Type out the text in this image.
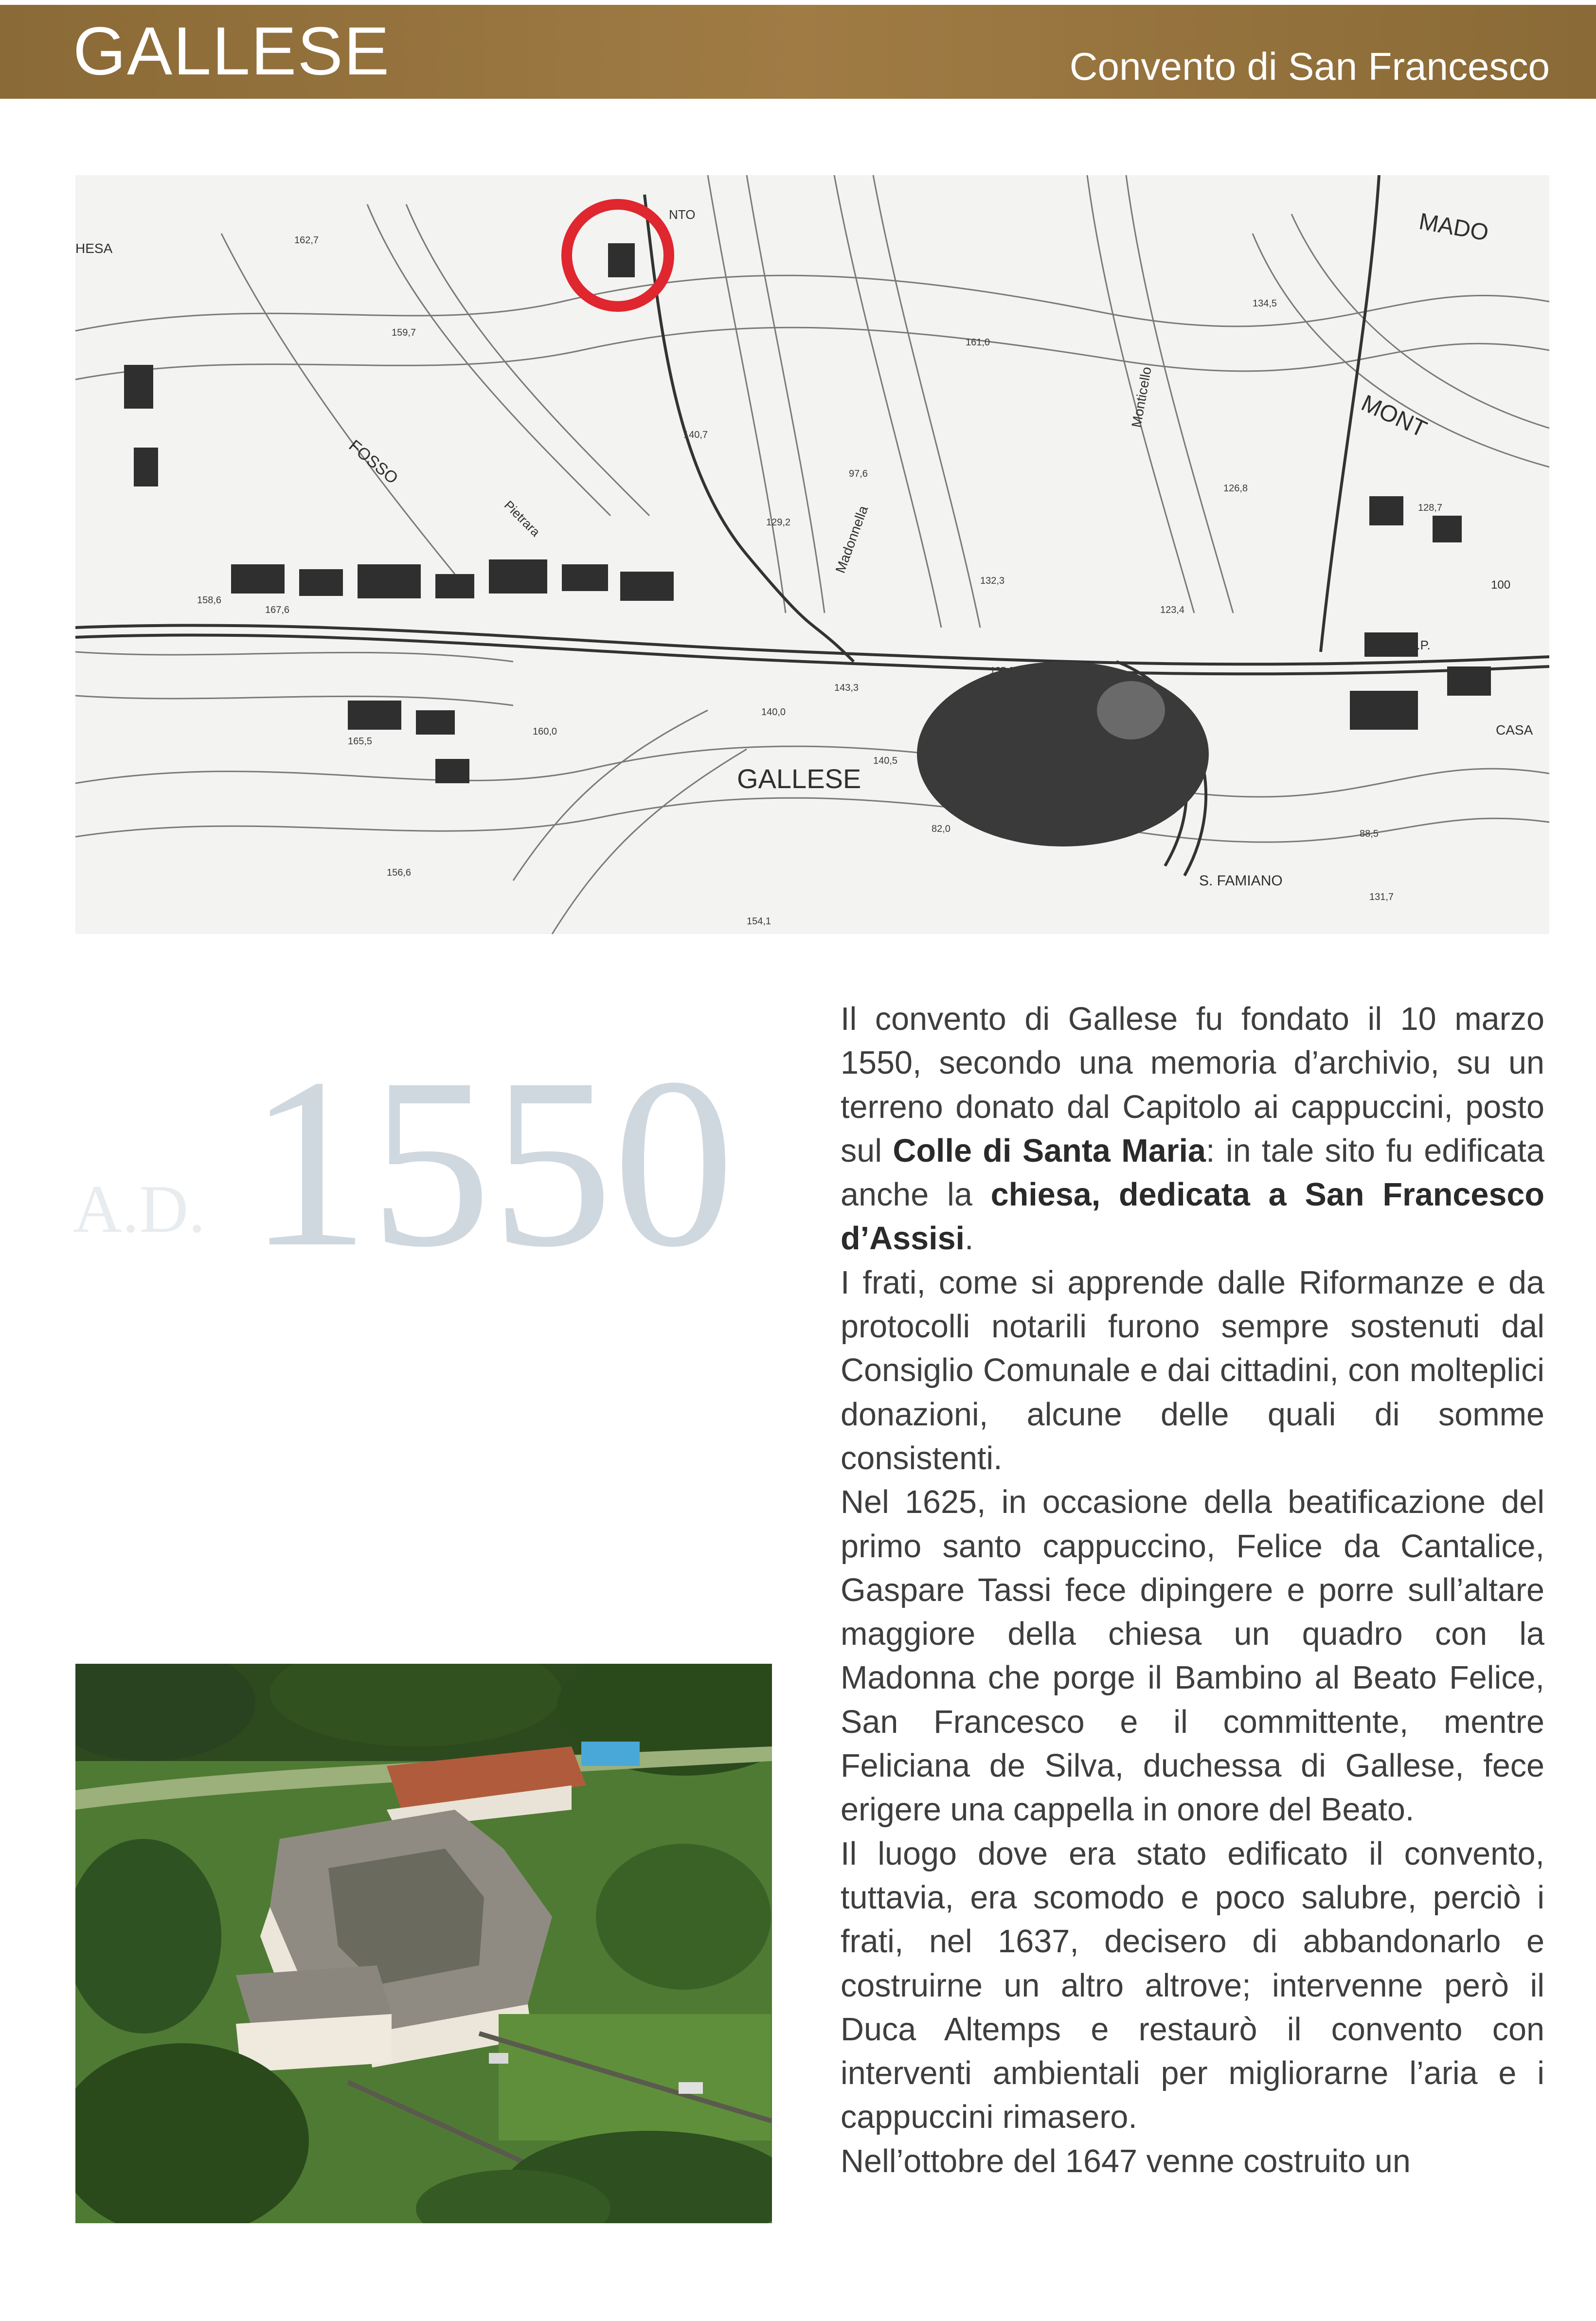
GALLESE	Convento di San Francesco
GALLESE
FOSSO
MADO
MONT
S. FAMIANO
CASA
HESA
NTO
Pietrara	Madonnella
Monticello
S.P.
100
162,7
159,7
161,0
134,5
97,6
129,2
126,8
128,7
132,3
123,4
135,0
143,3
140,0
140,5
165,5
160,0
156,6
154,1
131,7
82,0	88,5
140,7
158,6
167,6
A.D. 1550

Il convento di Gallese fu fondato il 10 marzo 1550, secondo una memoria d’archivio, su un terreno donato dal Capitolo ai cappuccini, posto sul Colle di Santa Maria: in tale sito fu edificata anche la chiesa, dedicata a San Francesco d’Assisi.

I frati, come si apprende dalle Riformanze e da protocolli notarili furono sempre sostenuti dal Consiglio Comunale e dai cittadini, con molteplici donazioni, alcune delle quali di somme consistenti.

Nel 1625, in occasione della beatificazione del primo santo cappuccino, Felice da Cantalice, Gaspare Tassi fece dipingere e porre sull’altare maggiore della chiesa un quadro con la Madonna che porge il Bambino al Beato Felice, San Francesco e il committente, mentre Feliciana de Silva, duchessa di Gallese, fece erigere una cappella in onore del Beato.

Il luogo dove era stato edificato il convento, tuttavia, era scomodo e poco salubre, perciò i frati, nel 1637, decisero di abbandonarlo e costruirne un altro altrove; intervenne però il Duca Altemps e restaurò il convento con interventi ambientali per migliorarne l’aria e i cappuccini rimasero.

Nell’ottobre del 1647 venne costruito un
